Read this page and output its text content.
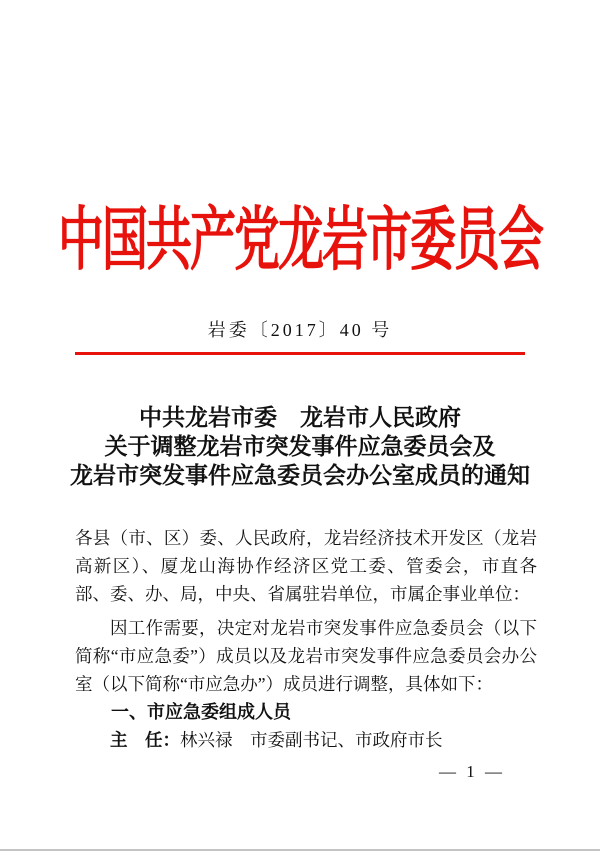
中国共产党龙岩市委员会
岩委〔2017〕40 号
中共龙岩市委　龙岩市人民政府
关于调整龙岩市突发事件应急委员会及
龙岩市突发事件应急委员会办公室成员的通知

各县（市、区）委、人民政府，龙岩经济技术开发区（龙岩高新区）、厦龙山海协作经济区党工委、管委会，市直各部、委、办、局，中央、省属驻岩单位，市属企事业单位：

因工作需要，决定对龙岩市突发事件应急委员会（以下简称“市应急委”）成员以及龙岩市突发事件应急委员会办公室（以下简称“市应急办”）成员进行调整，具体如下：

一、市应急委组成人员

主　任：林兴禄　市委副书记、市政府市长

— 1 —
